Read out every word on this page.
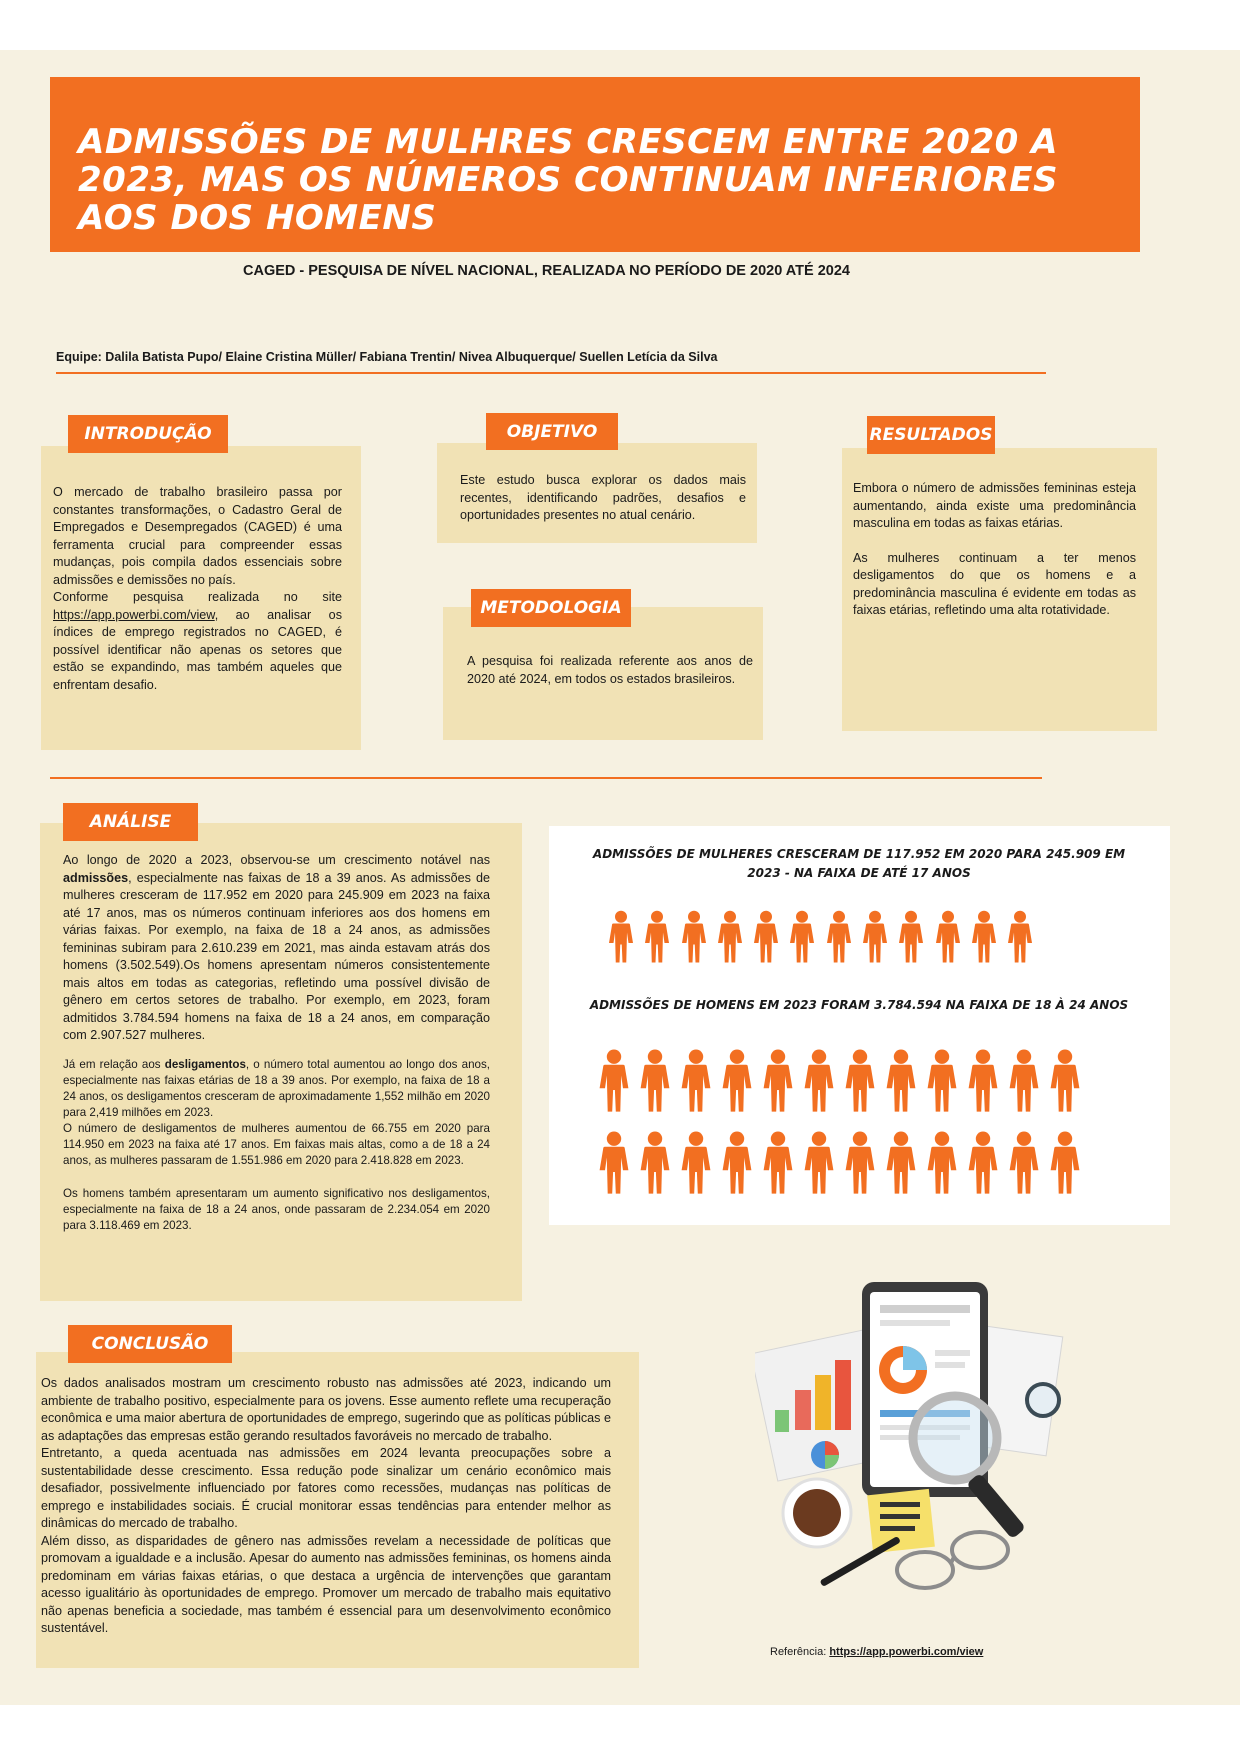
ADMISSÕES DE MULHRES CRESCEM ENTRE 2020 A 2023, MAS OS NÚMEROS CONTINUAM INFERIORES AOS DOS HOMENS
CAGED - PESQUISA DE NÍVEL NACIONAL, REALIZADA NO PERÍODO DE 2020 ATÉ 2024
Equipe: Dalila Batista Pupo/ Elaine Cristina Müller/ Fabiana Trentin/ Nivea Albuquerque/ Suellen Letícia da Silva
INTRODUÇÃO

O mercado de trabalho brasileiro passa por constantes transformações, o Cadastro Geral de Empregados e Desempregados (CAGED) é uma ferramenta crucial para compreender essas mudanças, pois compila dados essenciais sobre admissões e demissões no país.

Conforme pesquisa realizada no site https://app.powerbi.com/view, ao analisar os índices de emprego registrados no CAGED, é possível identificar não apenas os setores que estão se expandindo, mas também aqueles que enfrentam desafio.

OBJETIVO
Este estudo busca explorar os dados mais recentes, identificando padrões, desafios e oportunidades presentes no atual cenário.
METODOLOGIA
A pesquisa foi realizada referente aos anos de 2020 até 2024, em todos os estados brasileiros.
RESULTADOS

Embora o número de admissões femininas esteja aumentando, ainda existe uma predominância masculina em todas as faixas etárias.

As mulheres continuam a ter menos desligamentos do que os homens e a predominância masculina é evidente em todas as faixas etárias, refletindo uma alta rotatividade.

ANÁLISE

Ao longo de 2020 a 2023, observou-se um crescimento notável nas admissões, especialmente nas faixas de 18 a 39 anos. As admissões de mulheres cresceram de 117.952 em 2020 para 245.909 em 2023 na faixa até 17 anos, mas os números continuam inferiores aos dos homens em várias faixas. Por exemplo, na faixa de 18 a 24 anos, as admissões femininas subiram para 2.610.239 em 2021, mas ainda estavam atrás dos homens (3.502.549).Os homens apresentam números consistentemente mais altos em todas as categorias, refletindo uma possível divisão de gênero em certos setores de trabalho. Por exemplo, em 2023, foram admitidos 3.784.594 homens na faixa de 18 a 24 anos, em comparação com 2.907.527 mulheres.

Já em relação aos desligamentos, o número total aumentou ao longo dos anos, especialmente nas faixas etárias de 18 a 39 anos. Por exemplo, na faixa de 18 a 24 anos, os desligamentos cresceram de aproximadamente 1,552 milhão em 2020 para 2,419 milhões em 2023.

O número de desligamentos de mulheres aumentou de 66.755 em 2020 para 114.950 em 2023 na faixa até 17 anos. Em faixas mais altas, como a de 18 a 24 anos, as mulheres passaram de 1.551.986 em 2020 para 2.418.828 em 2023.

Os homens também apresentaram um aumento significativo nos desligamentos, especialmente na faixa de 18 a 24 anos, onde passaram de 2.234.054 em 2020 para 3.118.469 em 2023.

ADMISSÕES DE MULHERES CRESCERAM DE 117.952 EM 2020 PARA 245.909 EM 2023 - NA FAIXA DE ATÉ 17 ANOS
ADMISSÕES DE HOMENS EM 2023 FORAM 3.784.594 NA FAIXA DE 18 À 24 ANOS
CONCLUSÃO

Os dados analisados mostram um crescimento robusto nas admissões até 2023, indicando um ambiente de trabalho positivo, especialmente para os jovens. Esse aumento reflete uma recuperação econômica e uma maior abertura de oportunidades de emprego, sugerindo que as políticas públicas e as adaptações das empresas estão gerando resultados favoráveis no mercado de trabalho.

Entretanto, a queda acentuada nas admissões em 2024 levanta preocupações sobre a sustentabilidade desse crescimento. Essa redução pode sinalizar um cenário econômico mais desafiador, possivelmente influenciado por fatores como recessões, mudanças nas políticas de emprego e instabilidades sociais. É crucial monitorar essas tendências para entender melhor as dinâmicas do mercado de trabalho.

Além disso, as disparidades de gênero nas admissões revelam a necessidade de políticas que promovam a igualdade e a inclusão. Apesar do aumento nas admissões femininas, os homens ainda predominam em várias faixas etárias, o que destaca a urgência de intervenções que garantam acesso igualitário às oportunidades de emprego. Promover um mercado de trabalho mais equitativo não apenas beneficia a sociedade, mas também é essencial para um desenvolvimento econômico sustentável.

Referência: https://app.powerbi.com/view
